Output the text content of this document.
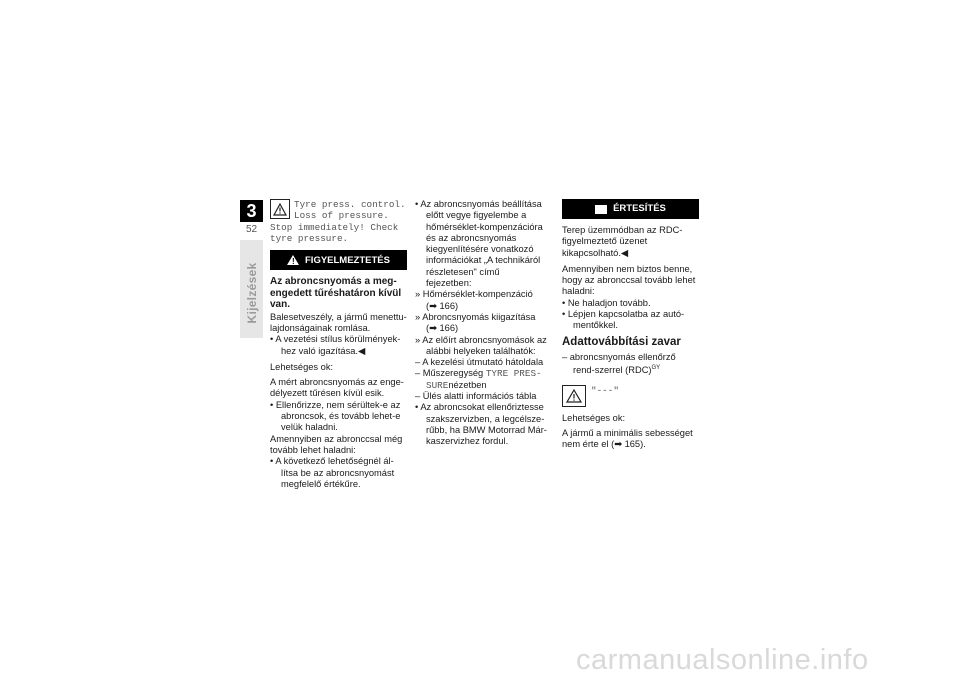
3
52
Kijelzések
Tyre press. control.
Loss of pressure.
Stop immediately! Check
tyre pressure.
! FIGYELMEZTETÉS
Az abroncsnyomás a meg-engedett tűréshatáron kívül van.
Balesetveszély, a jármű menettu-lajdonságainak romlása.
• A vezetési stílus körülmények-hez való igazítása.◀
Lehetséges ok:
A mért abroncsnyomás az enge-délyezett tűrésen kívül esik.
• Ellenőrizze, nem sérültek-e az abroncsok, és tovább lehet-e velük haladni.
Amennyiben az abronccsal még tovább lehet haladni:
• A következő lehetőségnél ál-lítsa be az abroncsnyomást megfelelő értékűre.
• Az abroncsnyomás beállítása előtt vegye figyelembe a hőmérséklet-kompenzációra és az abroncsnyomás kiegyenlítésére vonatkozó információkat „A technikáról részletesen" című fejezetben:
» Hőmérséklet-kompenzáció
(➡ 166)
» Abroncsnyomás kiigazítása
(➡ 166)
» Az előírt abroncsnyomások az alábbi helyeken találhatók:
– A kezelési útmutató hátoldala
– Műszeregység TYRE PRES-SUREnézetben
– Ülés alatti információs tábla
• Az abroncsokat ellenőriztesse szakszervizben, a legcélsze-rűbb, ha BMW Motorrad Már-kaszervizhez fordul.
ÉRTESÍTÉS
Terep üzemmódban az RDC-figyelmeztető üzenet kikapcsolható.◀
Amennyiben nem biztos benne, hogy az abronccsal tovább lehet haladni:
• Ne haladjon tovább.
• Lépjen kapcsolatba az autó-mentőkkel.
Adattovábbítási zavar
– abroncsnyomás ellenőrző rend-szerrel (RDC)$^{GY}$
"---"
Lehetséges ok:
A jármű a minimális sebességet nem érte el (➡ 165).
carmanualsonline.info
